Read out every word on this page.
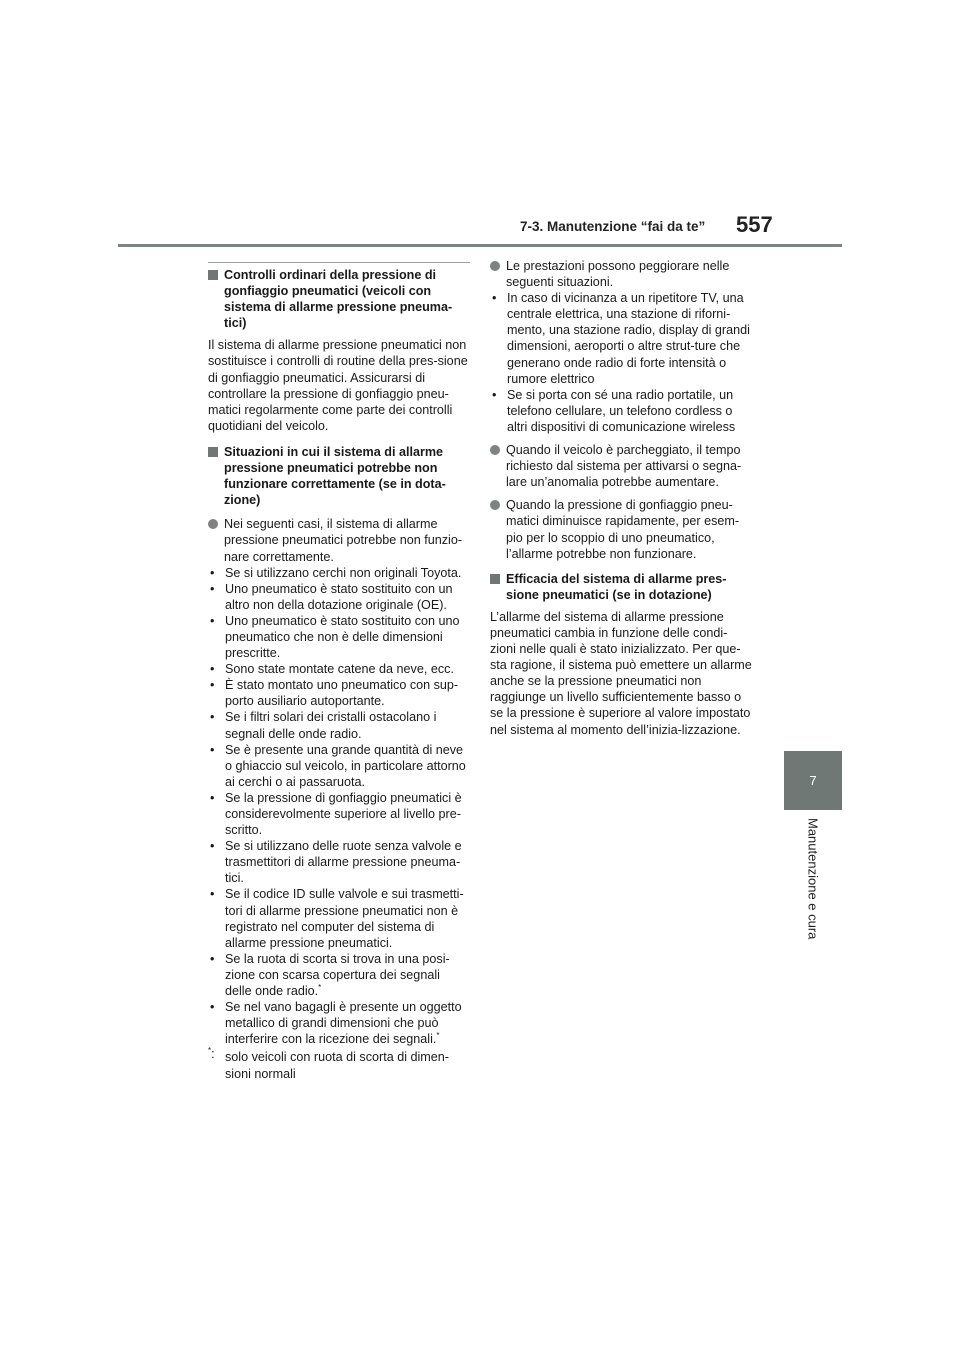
7-3. Manutenzione “fai da te” 557
7
Manutenzione e cura
Controlli ordinari della pressione di gonfiaggio pneumatici (veicoli con sistema di allarme pressione pneuma-tici)
Il sistema di allarme pressione pneumatici non sostituisce i controlli di routine della pres-sione di gonfiaggio pneumatici. Assicurarsi di controllare la pressione di gonfiaggio pneu-matici regolarmente come parte dei controlli quotidiani del veicolo.
Situazioni in cui il sistema di allarme pressione pneumatici potrebbe non funzionare correttamente (se in dota-zione)
Nei seguenti casi, il sistema di allarme pressione pneumatici potrebbe non funzio-nare correttamente.
• Se si utilizzano cerchi non originali Toyota.
• Uno pneumatico è stato sostituito con un altro non della dotazione originale (OE).
• Uno pneumatico è stato sostituito con uno pneumatico che non è delle dimensioni prescritte.
• Sono state montate catene da neve, ecc.
• È stato montato uno pneumatico con sup-porto ausiliario autoportante.
• Se i filtri solari dei cristalli ostacolano i segnali delle onde radio.
• Se è presente una grande quantità di neve o ghiaccio sul veicolo, in particolare attorno ai cerchi o ai passaruota.
• Se la pressione di gonfiaggio pneumatici è considerevolmente superiore al livello pre-scritto.
• Se si utilizzano delle ruote senza valvole e trasmettitori di allarme pressione pneuma-tici.
• Se il codice ID sulle valvole e sui trasmetti-tori di allarme pressione pneumatici non è registrato nel computer del sistema di allarme pressione pneumatici.
• Se la ruota di scorta si trova in una posi-zione con scarsa copertura dei segnali delle onde radio.*
• Se nel vano bagagli è presente un oggetto metallico di grandi dimensioni che può interferire con la ricezione dei segnali.*
*: solo veicoli con ruota di scorta di dimen-sioni normali
Le prestazioni possono peggiorare nelle seguenti situazioni.
• In caso di vicinanza a un ripetitore TV, una centrale elettrica, una stazione di riforni-mento, una stazione radio, display di grandi dimensioni, aeroporti o altre strut-ture che generano onde radio di forte intensità o rumore elettrico
• Se si porta con sé una radio portatile, un telefono cellulare, un telefono cordless o altri dispositivi di comunicazione wireless
Quando il veicolo è parcheggiato, il tempo richiesto dal sistema per attivarsi o segna-lare un’anomalia potrebbe aumentare.
Quando la pressione di gonfiaggio pneu-matici diminuisce rapidamente, per esem-pio per lo scoppio di uno pneumatico, l’allarme potrebbe non funzionare.
Efficacia del sistema di allarme pres-sione pneumatici (se in dotazione)
L’allarme del sistema di allarme pressione pneumatici cambia in funzione delle condi-zioni nelle quali è stato inizializzato. Per que-sta ragione, il sistema può emettere un allarme anche se la pressione pneumatici non raggiunge un livello sufficientemente basso o se la pressione è superiore al valore impostato nel sistema al momento dell’inizia-lizzazione.
